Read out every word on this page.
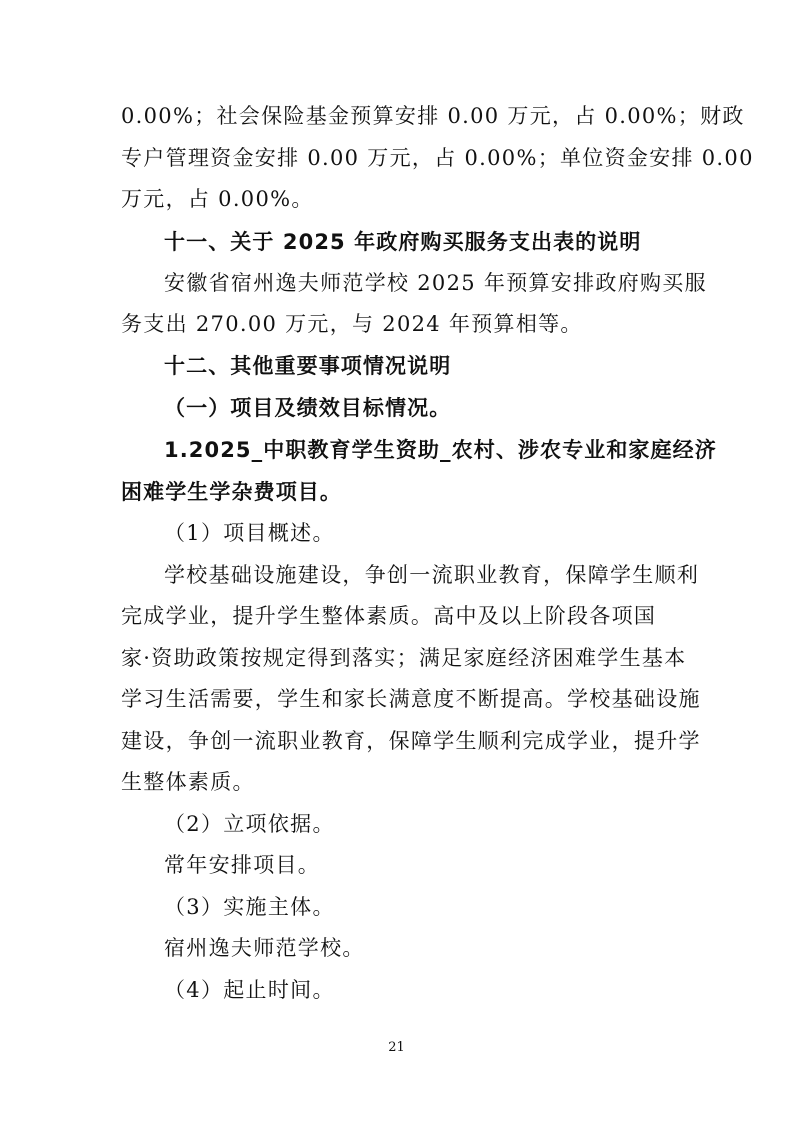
0.00%；社会保险基金预算安排 0.00 万元，占 0.00%；财政
专户管理资金安排 0.00 万元，占 0.00%；单位资金安排 0.00
万元，占 0.00%。
十一、关于 2025 年政府购买服务支出表的说明
安徽省宿州逸夫师范学校 2025 年预算安排政府购买服
务支出 270.00 万元，与 2024 年预算相等。
十二、其他重要事项情况说明
（一）项目及绩效目标情况。
1.2025_中职教育学生资助_农村、涉农专业和家庭经济
困难学生学杂费项目。
（1）项目概述。
学校基础设施建设，争创一流职业教育，保障学生顺利
完成学业，提升学生整体素质。高中及以上阶段各项国
家·资助政策按规定得到落实；满足家庭经济困难学生基本
学习生活需要，学生和家长满意度不断提高。学校基础设施
建设，争创一流职业教育，保障学生顺利完成学业，提升学
生整体素质。
（2）立项依据。
常年安排项目。
（3）实施主体。
宿州逸夫师范学校。
（4）起止时间。
21
